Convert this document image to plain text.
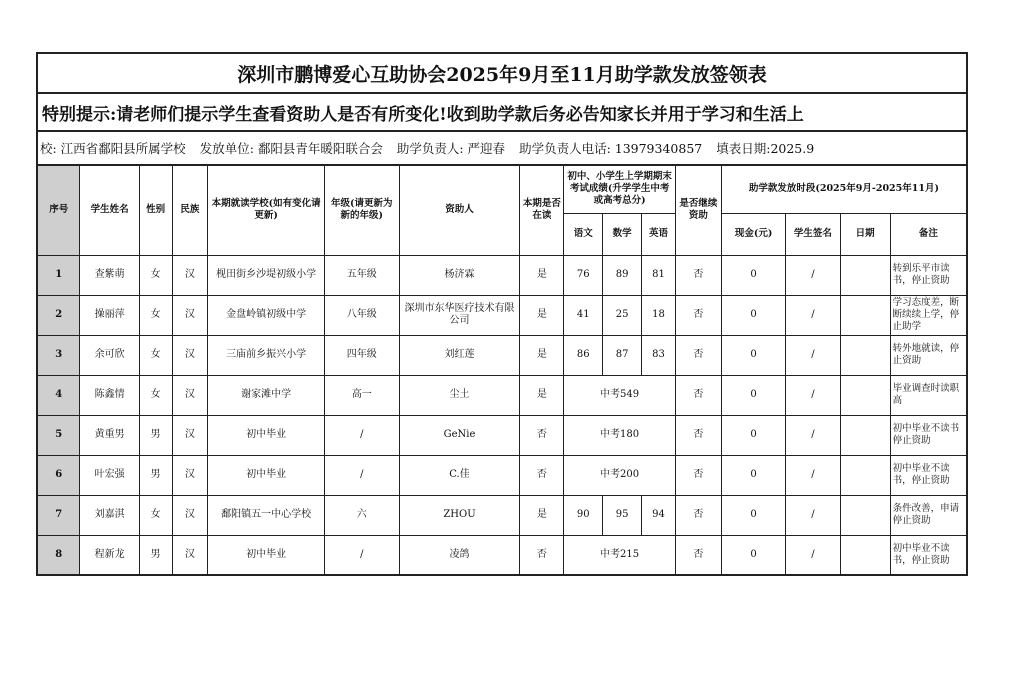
深圳市鹏博爱心互助协会2025年9月至11月助学款发放签领表
特别提示:请老师们提示学生查看资助人是否有所变化!收到助学款后务必告知家长并用于学习和生活上
校: 江西省鄱阳县所属学校 发放单位: 鄱阳县青年暖阳联合会 助学负责人: 严迎春 助学负责人电话: 13979340857 填表日期:2025.9
序号	学生姓名	性别	民族	本期就读学校(如有变化请更新)	年级(请更新为新的年级)	资助人	本期是否在读	初中、小学生上学期期末考试成绩(升学学生中考或高考总分)			是否继续资助	助学款发放时段(2025年9月-2025年11月)			
								语文	数学	英语		现金(元)	学生签名	日期	备注
1	查紫萌	女	汉	枧田街乡沙堤初级小学	五年级	杨济霖	是	76	89	81	否	0	/		转到乐平市读书，停止资助
2	操丽萍	女	汉	金盘岭镇初级中学	八年级	深圳市东华医疗技术有限公司	是	41	25	18	否	0	/		学习态度差，断断续续上学，停止助学
3	余可欣	女	汉	三庙前乡振兴小学	四年级	刘红莲	是	86	87	83	否	0	/		转外地就读，停止资助
4	陈鑫情	女	汉	谢家滩中学	高一	尘土	是	中考549			否	0	/		毕业调查时读职高
5	黄重男	男	汉	初中毕业	/	GeNie	否	中考180			否	0	/		初中毕业不读书停止资助
6	叶宏强	男	汉	初中毕业	/	C.佳	否	中考200			否	0	/		初中毕业不读书，停止资助
7	刘嘉淇	女	汉	鄱阳镇五一中心学校	六	ZHOU	是	90	95	94	否	0	/		条件改善，申请停止资助
8	程新龙	男	汉	初中毕业	/	凌鸽	否	中考215			否	0	/		初中毕业不读书，停止资助
